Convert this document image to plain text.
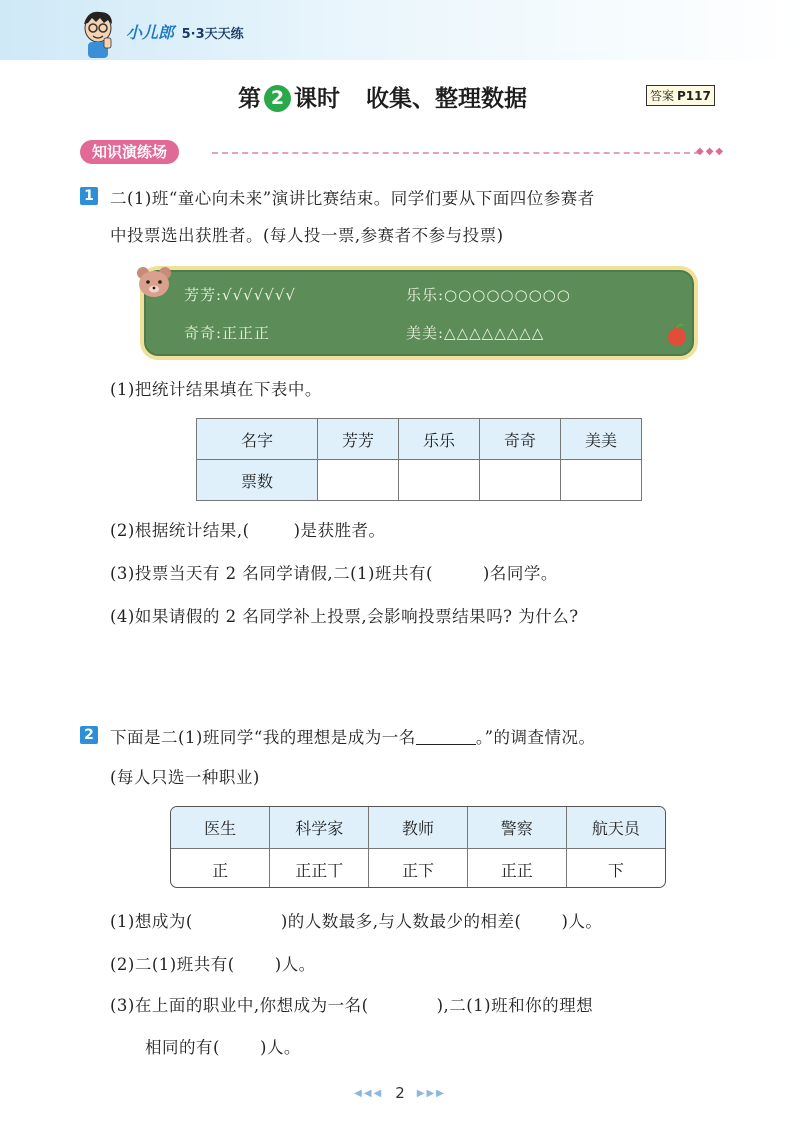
小儿郎 5·3天天练
第 2 课时 收集、整理数据	答案 P117
知识演练场	◆◆◆
1 二(1)班“童心向未来”演讲比赛结束。同学们要从下面四位参赛者
中投票选出获胜者。(每人投一票,参赛者不参与投票)
芳芳:√√√√√√√	乐乐:○○○○○○○○○
奇奇:正正正	美美:△△△△△△△△
(1)把统计结果填在下表中。
名字	芳芳	乐乐	奇奇	美美
票数				
(2)根据统计结果,(	)是获胜者。
(3)投票当天有 2 名同学请假,二(1)班共有(	)名同学。
(4)如果请假的 2 名同学补上投票,会影响投票结果吗? 为什么?
2 下面是二(1)班同学“我的理想是成为一名	。”的调查情况。
(每人只选一种职业)
医生	科学家	教师	警察	航天员
正	正正丅	正下	正正	下
(1)想成为(	)的人数最多,与人数最少的相差( )人。
(2)二(1)班共有( )人。
(3)在上面的职业中,你想成为一名(	),二(1)班和你的理想
相同的有( )人。
◀◀◀ 2 ▶▶▶
